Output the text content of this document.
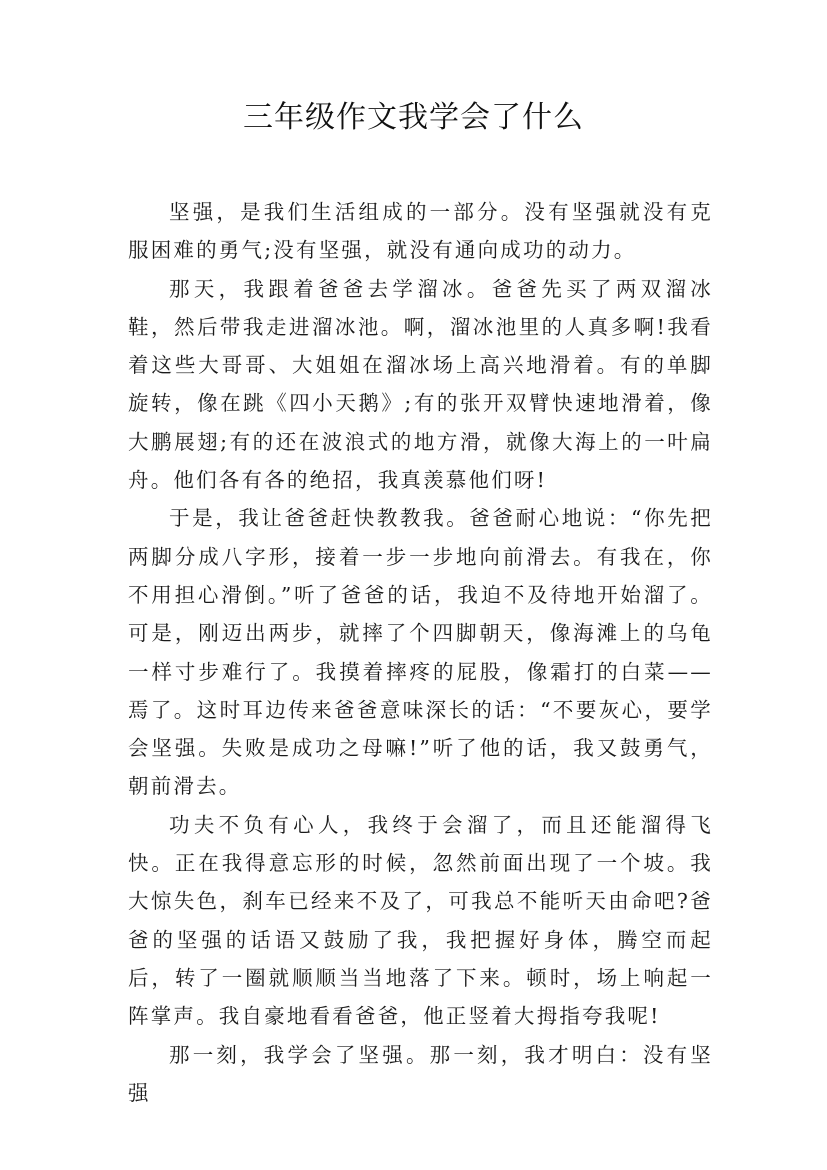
三年级作文我学会了什么

坚强，是我们生活组成的一部分。没有坚强就没有克服困难的勇气;没有坚强，就没有通向成功的动力。

那天，我跟着爸爸去学溜冰。爸爸先买了两双溜冰鞋，然后带我走进溜冰池。啊，溜冰池里的人真多啊!我看着这些大哥哥、大姐姐在溜冰场上高兴地滑着。有的单脚旋转，像在跳《四小天鹅》;有的张开双臂快速地滑着，像大鹏展翅;有的还在波浪式的地方滑，就像大海上的一叶扁舟。他们各有各的绝招，我真羡慕他们呀!

于是，我让爸爸赶快教教我。爸爸耐心地说：“你先把两脚分成八字形，接着一步一步地向前滑去。有我在，你不用担心滑倒。”听了爸爸的话，我迫不及待地开始溜了。可是，刚迈出两步，就摔了个四脚朝天，像海滩上的乌龟一样寸步难行了。我摸着摔疼的屁股，像霜打的白菜——焉了。这时耳边传来爸爸意味深长的话：“不要灰心，要学会坚强。失败是成功之母嘛!”听了他的话，我又鼓勇气，朝前滑去。

功夫不负有心人，我终于会溜了，而且还能溜得飞快。正在我得意忘形的时候，忽然前面出现了一个坡。我大惊失色，刹车已经来不及了，可我总不能听天由命吧?爸爸的坚强的话语又鼓励了我，我把握好身体，腾空而起后，转了一圈就顺顺当当地落了下来。顿时，场上响起一阵掌声。我自豪地看看爸爸，他正竖着大拇指夸我呢!

那一刻，我学会了坚强。那一刻，我才明白：没有坚强
